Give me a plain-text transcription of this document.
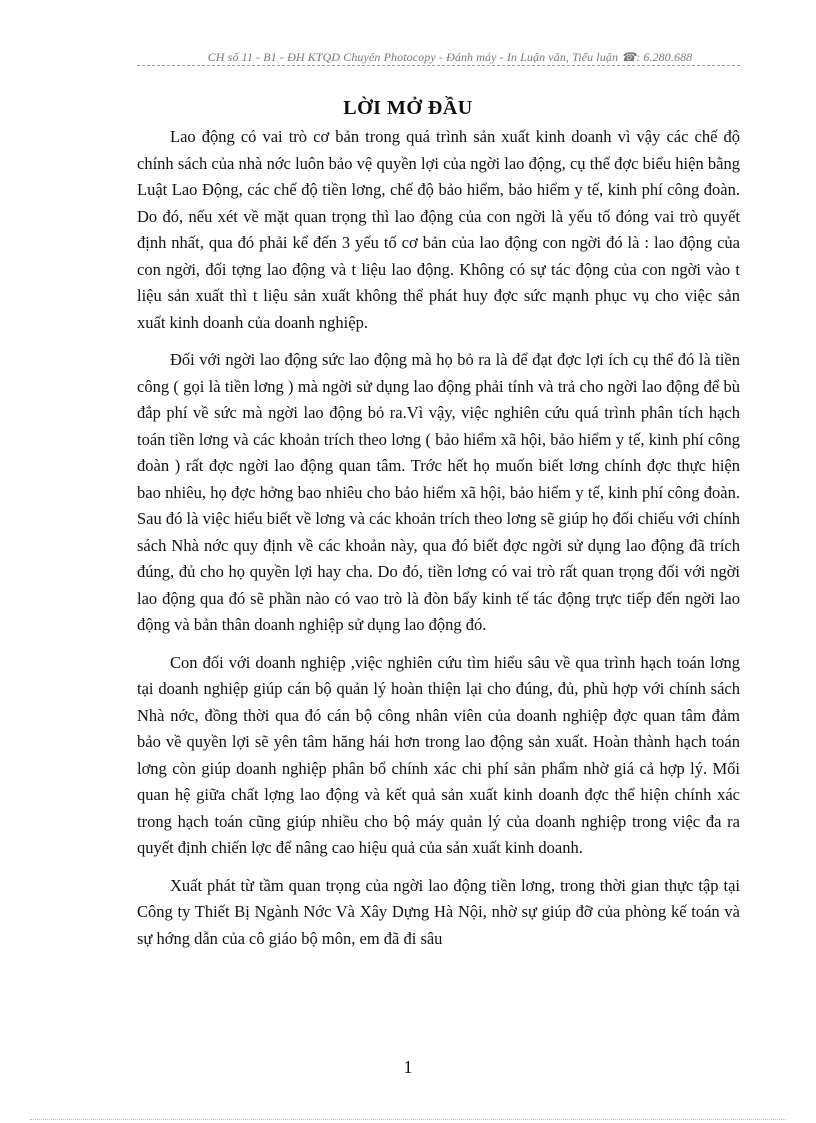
CH số 11 - B1 - ĐH KTQD Chuyên Photocopy - Đánh máy - In Luận văn, Tiểu luận ☎: 6.280.688
LỜI MỞ ĐẦU

Lao động có vai trò cơ bản trong quá trình sản xuất kinh doanh vì vậy các chế độ chính sách của nhà nớc luôn bảo vệ quyền lợi của ngời lao động, cụ thể đợc biểu hiện bằng Luật Lao Động, các chế độ tiền lơng, chế độ bảo hiểm, bảo hiểm y tế, kinh phí công đoàn. Do đó, nếu xét về mặt quan trọng thì lao động của con ngời là yếu tố đóng vai trò quyết định nhất, qua đó phải kể đến 3 yếu tố cơ bản của lao động con ngời đó là : lao động của con ngời, đối tợng lao động và t liệu lao động. Không có sự tác động của con ngời vào t liệu sản xuất thì t liệu sản xuất không thể phát huy đợc sức mạnh phục vụ cho việc sản xuất kinh doanh của doanh nghiệp.

Đối với ngời lao động sức lao động mà họ bỏ ra là để đạt đợc lợi ích cụ thể đó là tiền công ( gọi là tiền lơng ) mà ngời sử dụng lao động phải tính và trả cho ngời lao động để bù đắp phí về sức mà ngời lao động bỏ ra.Vì vậy, việc nghiên cứu quá trình phân tích hạch toán tiền lơng và các khoản trích theo lơng ( bảo hiểm xã hội, bảo hiểm y tế, kinh phí công đoàn ) rất đợc ngời lao động quan tâm. Trớc hết họ muốn biết lơng chính đợc thực hiện bao nhiêu, họ đợc hởng bao nhiêu cho bảo hiểm xã hội, bảo hiểm y tế, kinh phí công đoàn. Sau đó là việc hiểu biết về lơng và các khoản trích theo lơng sẽ giúp họ đối chiếu với chính sách Nhà nớc quy định về các khoản này, qua đó biết đợc ngời sử dụng lao động đã trích đúng, đủ cho họ quyền lợi hay cha. Do đó, tiền lơng có vai trò rất quan trọng đối với ngời lao động qua đó sẽ phần nào có vao trò là đòn bẩy kinh tế tác động trực tiếp đến ngời lao động và bản thân doanh nghiệp sử dụng lao động đó.

Con đối với doanh nghiệp ,việc nghiên cứu tìm hiểu sâu về qua trình hạch toán lơng tại doanh nghiệp giúp cán bộ quản lý hoàn thiện lại cho đúng, đủ, phù hợp với chính sách Nhà nớc, đồng thời qua đó cán bộ công nhân viên của doanh nghiệp đợc quan tâm đảm bảo về quyền lợi sẽ yên tâm hăng hái hơn trong lao động sản xuất. Hoàn thành hạch toán lơng còn giúp doanh nghiệp phân bổ chính xác chi phí sản phẩm nhờ giá cả hợp lý. Mối quan hệ giữa chất lợng lao động và kết quả sản xuất kinh doanh đợc thể hiện chính xác trong hạch toán cũng giúp nhiều cho bộ máy quản lý của doanh nghiệp trong việc đa ra quyết định chiến lợc để nâng cao hiệu quả của sản xuất kinh doanh.

Xuất phát từ tầm quan trọng của ngời lao động tiền lơng, trong thời gian thực tập tại Công ty Thiết Bị Ngành Nớc Và Xây Dựng Hà Nội, nhờ sự giúp đỡ của phòng kế toán và sự hớng dẫn của cô giáo bộ môn, em đã đi sâu

1
